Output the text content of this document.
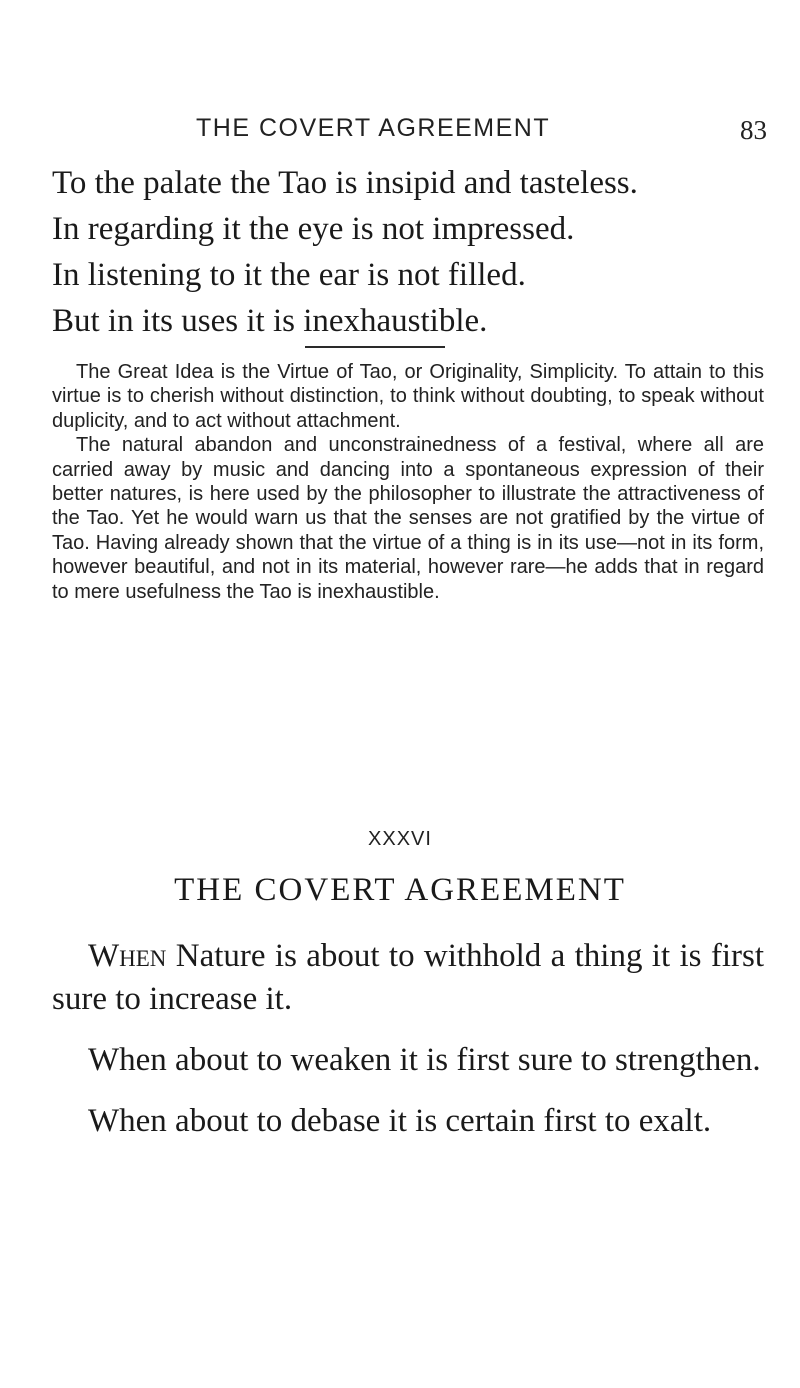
THE COVERT AGREEMENT	83
To the palate the Tao is insipid and tasteless.
In regarding it the eye is not impressed.
In listening to it the ear is not filled.
But in its uses it is inexhaustible.

The Great Idea is the Virtue of Tao, or Originality, Simplicity. To attain to this virtue is to cherish without distinction, to think without doubting, to speak without duplicity, and to act without attachment.

The natural abandon and unconstrainedness of a festival, where all are carried away by music and dancing into a spontaneous expression of their better natures, is here used by the philosopher to illustrate the attractiveness of the Tao. Yet he would warn us that the senses are not gratified by the virtue of Tao. Having already shown that the virtue of a thing is in its use—not in its form, however beautiful, and not in its material, however rare—he adds that in regard to mere usefulness the Tao is inexhaustible.

XXXVI
THE COVERT AGREEMENT

When Nature is about to withhold a thing it is first sure to increase it.

When about to weaken it is first sure to strengthen.

When about to debase it is certain first to exalt.
